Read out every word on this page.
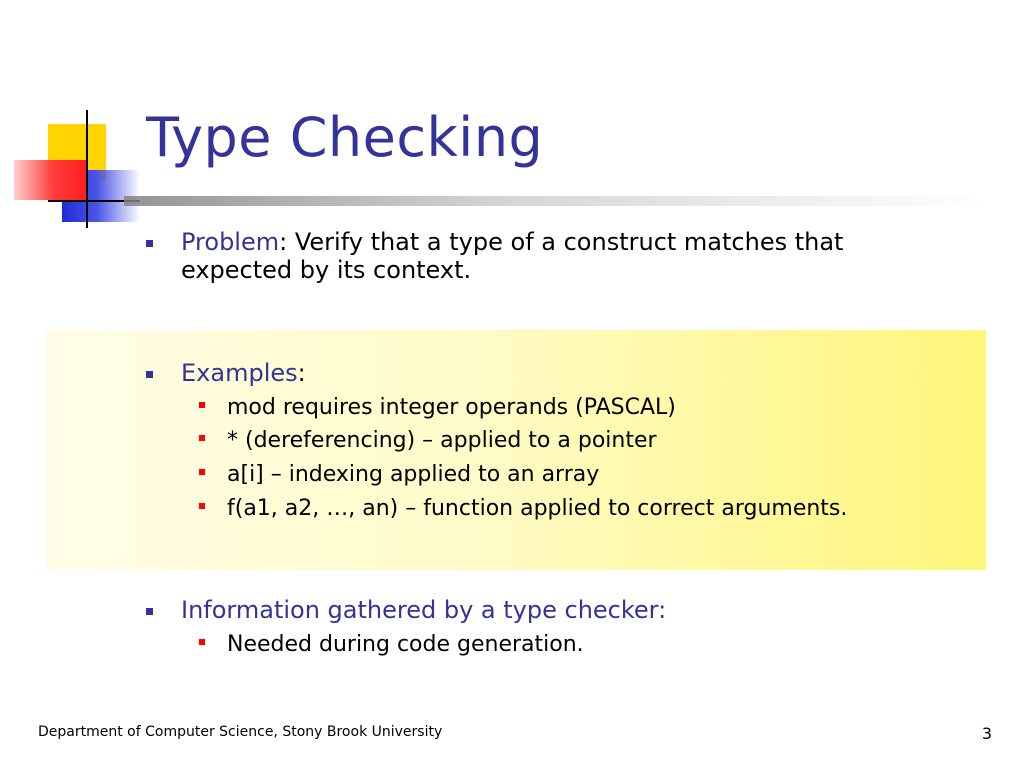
Type Checking
Problem: Verify that a type of a construct matches that
expected by its context.
Examples:
mod requires integer operands (PASCAL)
* (dereferencing) – applied to a pointer
a[i] – indexing applied to an array
f(a1, a2, …, an) – function applied to correct arguments.
Information gathered by a type checker:
Needed during code generation.
Department of Computer Science, Stony Brook University	3
